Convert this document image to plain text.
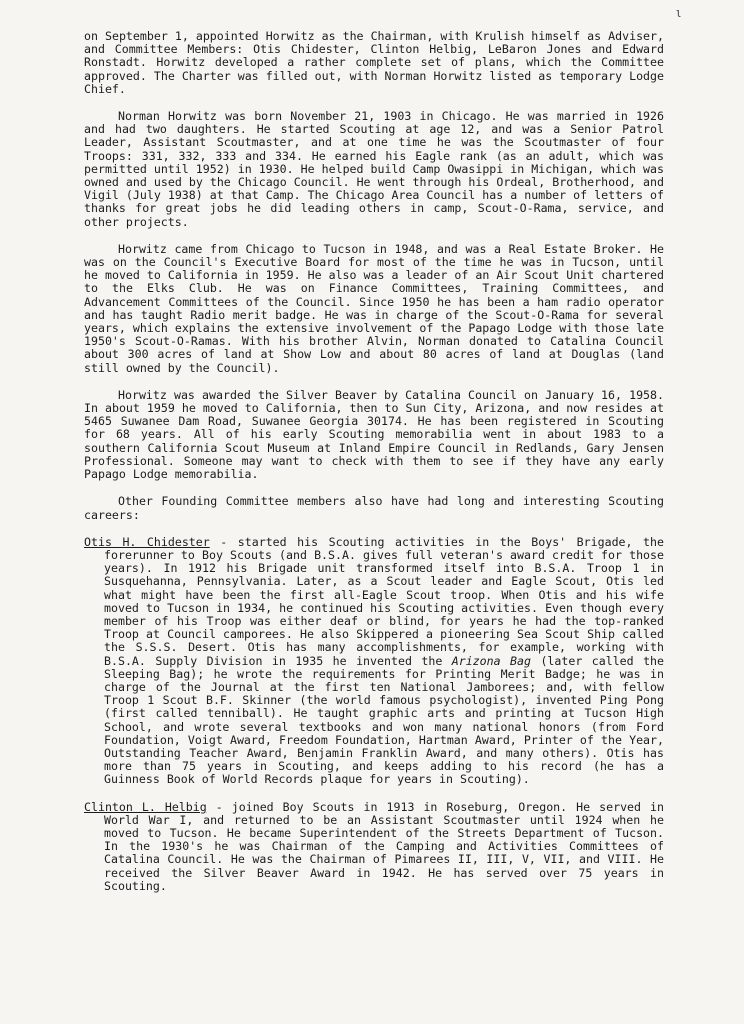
ι

on September 1, appointed Horwitz as the Chairman, with Krulish himself as Adviser, and Committee Members: Otis Chidester, Clinton Helbig, LeBaron Jones and Edward Ronstadt. Horwitz developed a rather complete set of plans, which the Committee approved. The Charter was filled out, with Norman Horwitz listed as temporary Lodge Chief.

Norman Horwitz was born November 21, 1903 in Chicago. He was married in 1926 and had two daughters. He started Scouting at age 12, and was a Senior Patrol Leader, Assistant Scoutmaster, and at one time he was the Scoutmaster of four Troops: 331, 332, 333 and 334. He earned his Eagle rank (as an adult, which was permitted until 1952) in 1930. He helped build Camp Owasippi in Michigan, which was owned and used by the Chicago Council. He went through his Ordeal, Brotherhood, and Vigil (July 1938) at that Camp. The Chicago Area Council has a number of letters of thanks for great jobs he did leading others in camp, Scout-O-Rama, service, and other projects.

Horwitz came from Chicago to Tucson in 1948, and was a Real Estate Broker. He was on the Council's Executive Board for most of the time he was in Tucson, until he moved to California in 1959. He also was a leader of an Air Scout Unit chartered to the Elks Club. He was on Finance Committees, Training Committees, and Advancement Committees of the Council. Since 1950 he has been a ham radio operator and has taught Radio merit badge. He was in charge of the Scout-O-Rama for several years, which explains the extensive involvement of the Papago Lodge with those late 1950's Scout-O-Ramas. With his brother Alvin, Norman donated to Catalina Council about 300 acres of land at Show Low and about 80 acres of land at Douglas (land still owned by the Council).

Horwitz was awarded the Silver Beaver by Catalina Council on January 16, 1958. In about 1959 he moved to California, then to Sun City, Arizona, and now resides at 5465 Suwanee Dam Road, Suwanee Georgia 30174. He has been registered in Scouting for 68 years. All of his early Scouting memorabilia went in about 1983 to a southern California Scout Museum at Inland Empire Council in Redlands, Gary Jensen Professional. Someone may want to check with them to see if they have any early Papago Lodge memorabilia.

Other Founding Committee members also have had long and interesting Scouting careers:

Otis H. Chidester - started his Scouting activities in the Boys' Brigade, the forerunner to Boy Scouts (and B.S.A. gives full veteran's award credit for those years). In 1912 his Brigade unit transformed itself into B.S.A. Troop 1 in Susquehanna, Pennsylvania. Later, as a Scout leader and Eagle Scout, Otis led what might have been the first all-Eagle Scout troop. When Otis and his wife moved to Tucson in 1934, he continued his Scouting activities. Even though every member of his Troop was either deaf or blind, for years he had the top-ranked Troop at Council camporees. He also Skippered a pioneering Sea Scout Ship called the S.S.S. Desert. Otis has many accomplishments, for example, working with B.S.A. Supply Division in 1935 he invented the Arizona Bag (later called the Sleeping Bag); he wrote the requirements for Printing Merit Badge; he was in charge of the Journal at the first ten National Jamborees; and, with fellow Troop 1 Scout B.F. Skinner (the world famous psychologist), invented Ping Pong (first called tenniball). He taught graphic arts and printing at Tucson High School, and wrote several textbooks and won many national honors (from Ford Foundation, Voigt Award, Freedom Foundation, Hartman Award, Printer of the Year, Outstanding Teacher Award, Benjamin Franklin Award, and many others). Otis has more than 75 years in Scouting, and keeps adding to his record (he has a Guinness Book of World Records plaque for years in Scouting).

Clinton L. Helbig - joined Boy Scouts in 1913 in Roseburg, Oregon. He served in World War I, and returned to be an Assistant Scoutmaster until 1924 when he moved to Tucson. He became Superintendent of the Streets Department of Tucson. In the 1930's he was Chairman of the Camping and Activities Committees of Catalina Council. He was the Chairman of Pimarees II, III, V, VII, and VIII. He received the Silver Beaver Award in 1942. He has served over 75 years in Scouting.
